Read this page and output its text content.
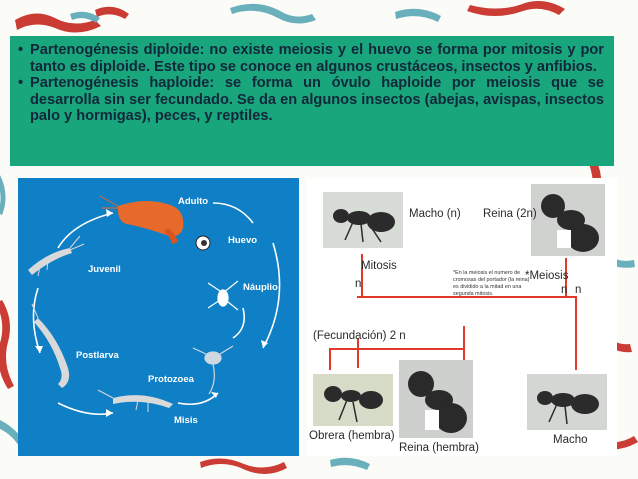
• Partenogénesis diploide: no existe meiosis y el huevo se forma por mitosis y por tanto es diploide. Este tipo se conoce en algunos crustáceos, insectos y anfibios.
• Partenogénesis haploide: se forma un óvulo haploide por meiosis que se desarrolla sin ser fecundado. Se da en algunos insectos (abejas, avispas, insectos palo y hormigas), peces, y reptiles.
Adulto
Huevo
Náuplio
Protozoea
Misis
Postlarva
Juvenil
Macho (n) Reina (2n)
Mitosis
n
*En la meiosis el numero de cromosas del portador (la reina) es dividido a la mitad en una segunda mitosis.
*Meiosis
n n
(Fecundación) 2 n
Obrera (hembra)
Reina (hembra)
Macho
